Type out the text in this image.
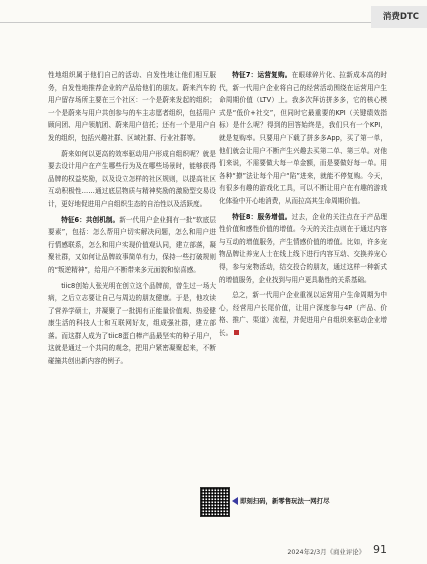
消费DTC

性地组织属于他们自己的活动、自发性地让他们相互服务，自发性地推荐企业的产品给他们的朋友。蔚来汽车的用户留存场所主要在三个社区：一个是蔚来发起的组织；一个是蔚来与用户共创参与的车主志愿者组织，包括用户顾问团、用户领航团、蔚来用户信托；还有一个是用户自发的组织，包括兴趣社群、区域社群、行业社群等。

蔚来如何以更高的效率驱动用户形成自组织呢？就是要去设计用户在产生哪些行为及在哪些场景时，能够获得品牌的权益奖励，以及设立怎样的社区规则，以提高社区互动积极性……通过底层物质与精神奖励的激励型交易设计，更好地促进用户自组织生态的自治性以及活跃度。

特征6：共创机制。新一代用户企业拥有一批“软底层要素”，包括：怎么帮用户切实解决问题，怎么和用户进行情感联系，怎么和用户实现价值观认同，建立部落，凝聚社群，又如何让品牌故事简单有力，保持一些打破规则的“叛逆精神”，给用户不断带来多元面貌和惊喜感。

tiic8创始人张光明在创立这个品牌前，曾生过一场大病，之后立志要让自己与周边的朋友健康。于是，他攻读了营养学硕士，并凝聚了一批拥有正能量价值观、热爱健康生活的科技人士和互联网好友，组成强社群，建立部落。而这群人成为了tiic8蛋白棒产品最坚实的种子用户，这就是通过一个共同的观念，把用户紧密凝聚起来，不断碰撞共创出新内容的例子。

特征7：运营复购。在眼球碎片化、拉新成本高的时代，新一代用户企业将自己的经营活动围绕在运营用户生命周期价值（LTV）上。我多次拜访拼多多，它的核心模式是“低价+社交”，但同时它最重要的KPI（关键绩效指标）是什么呢？得到的回答始终是，我们只有一个KPI，就是复购率。只要用户下载了拼多多App，买了第一单，他们就会让用户不断产生兴趣去买第二单、第三单。对他们来说，不需要做大每一单金额，而是要做好每一单。用各种“撩”法让每个用户“陷”进来，就能不停复购。今天，有很多有趣的游戏化工具，可以不断让用户在有趣的游戏化体验中开心地消费，从而拉高其生命周期价值。

特征8：服务增值。过去，企业的关注点在于产品理性价值和感性价值的增值。今天的关注点则在于通过内容与互动的增值服务，产生情感价值的增值。比如，许多宠物品牌让养宠人士在线上线下进行内容互动、交换养宠心得，参与宠物活动，结交投合的朋友，通过这样一种新式的增值服务，企业找到与用户更具黏性的关系基础。

总之，新一代用户企业重视以运营用户生命周期为中心，经营用户长尾价值，让用户深度参与4P（产品、价格、推广、渠道）流程，并促进用户自组织来驱动企业增长。

即刻扫码，新零售玩法一网打尽
2024年2/3月《商业评论》 91
